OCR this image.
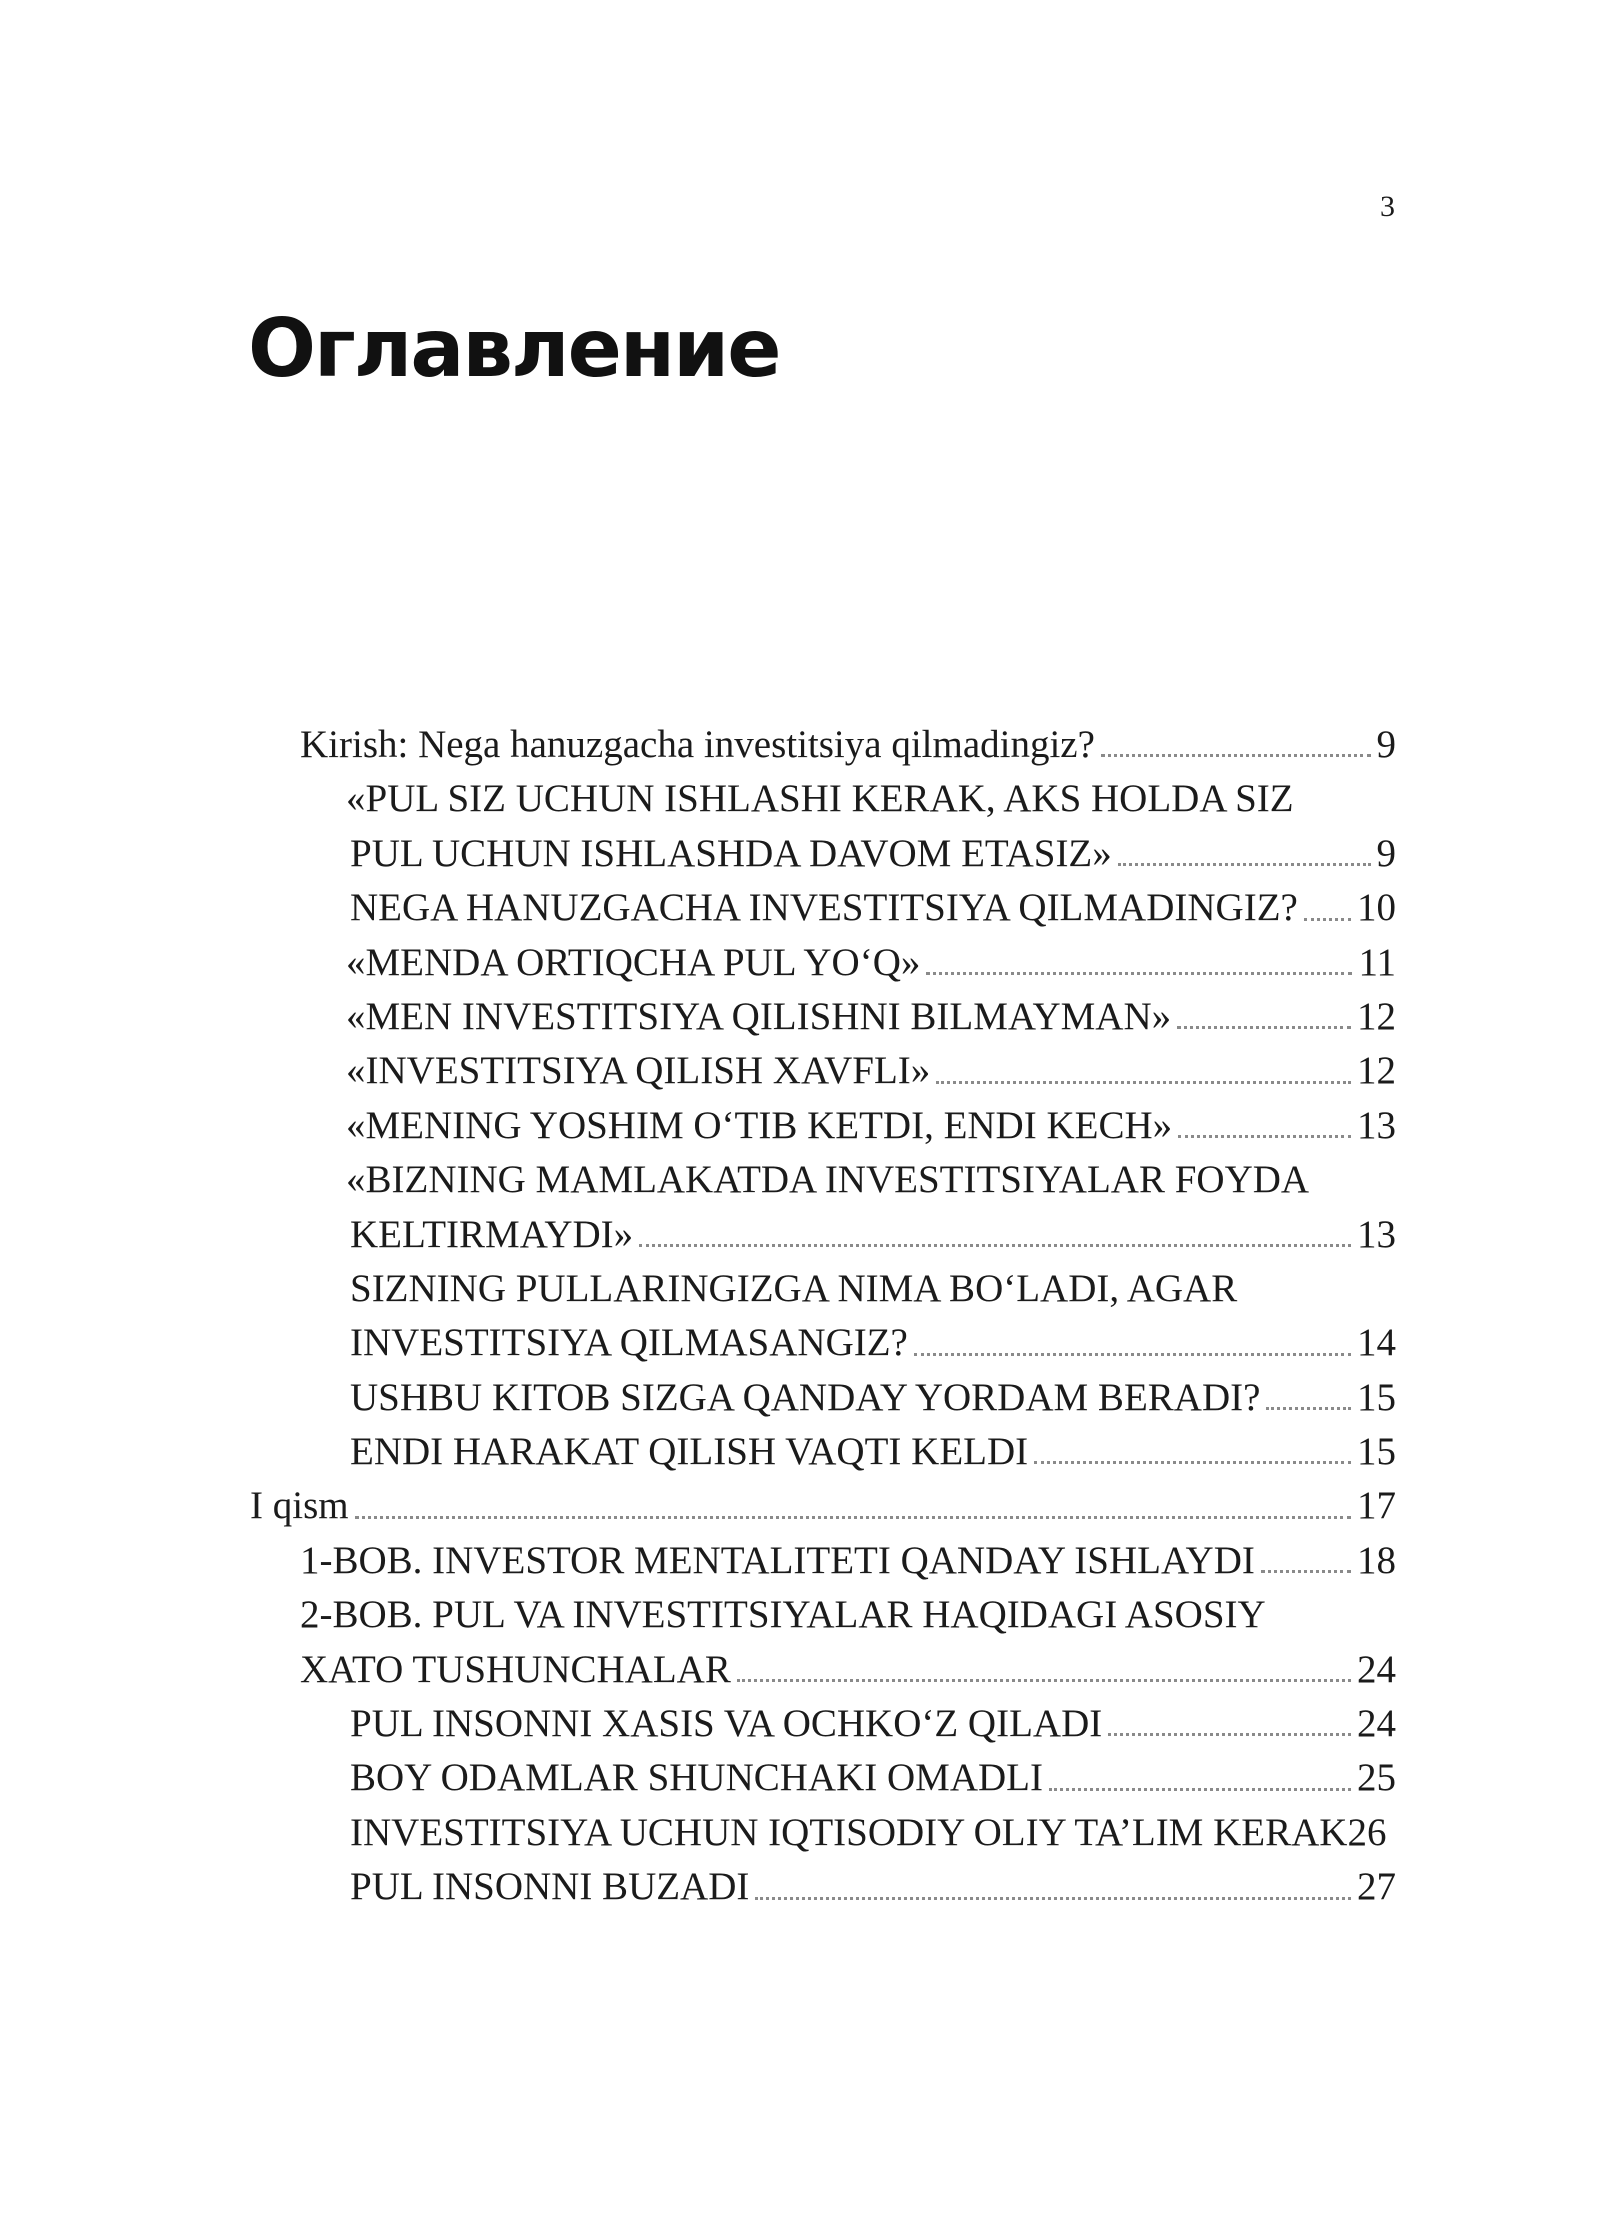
3
Оглавление
Kirish: Nega hanuzgacha investitsiya qilmadingiz?	9
«PUL SIZ UCHUN ISHLASHI KERAK, AKS HOLDA SIZ
PUL UCHUN ISHLASHDA DAVOM ETASIZ»	9
NEGA HANUZGACHA INVESTITSIYA QILMADINGIZ? 10
«MENDA ORTIQCHA PUL YO‘Q»	11
«MEN INVESTITSIYA QILISHNI BILMAYMAN»	12
«INVESTITSIYA QILISH XAVFLI»	12
«MENING YOSHIM O‘TIB KETDI, ENDI KECH»	13
«BIZNING MAMLAKATDA INVESTITSIYALAR FOYDA
KELTIRMAYDI»	13
SIZNING PULLARINGIZGA NIMA BO‘LADI, AGAR
INVESTITSIYA QILMASANGIZ?	14
USHBU KITOB SIZGA QANDAY YORDAM BERADI? 15
ENDI HARAKAT QILISH VAQTI KELDI	15
I qism	17
1-BOB. INVESTOR MENTALITETI QANDAY ISHLAYDI	18
2-BOB. PUL VA INVESTITSIYALAR HAQIDAGI ASOSIY
XATO TUSHUNCHALAR	24
PUL INSONNI XASIS VA OCHKO‘Z QILADI	24
BOY ODAMLAR SHUNCHAKI OMADLI	25
INVESTITSIYA UCHUN IQTISODIY OLIY TA’LIM KERAK 26
PUL INSONNI BUZADI	27
